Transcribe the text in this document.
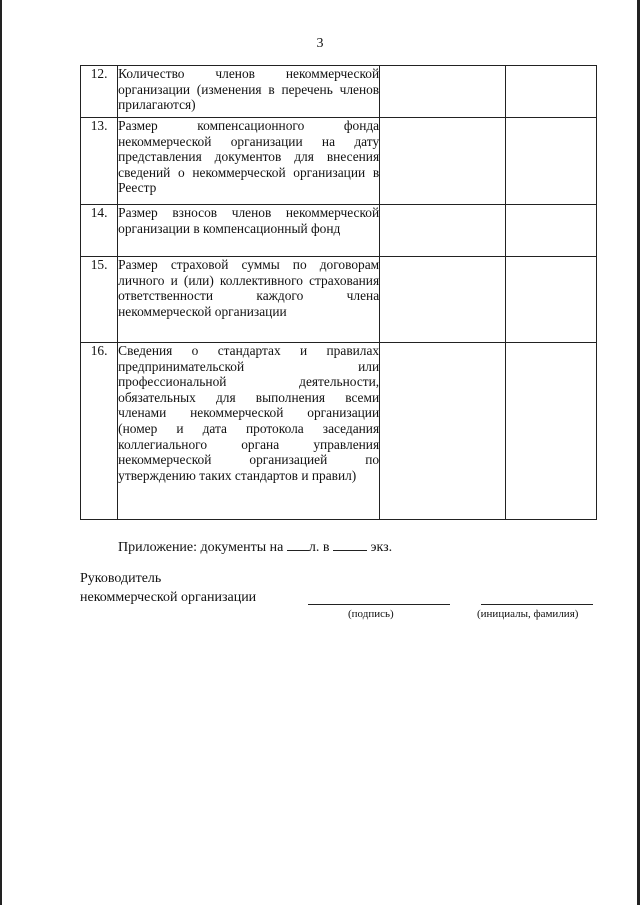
3
12.	Количество членов некоммерческой организации (изменения в перечень членов прилагаются)		
13.	Размер компенсационного фонда некоммерческой организации на дату представления документов для внесения сведений о некоммерческой организации в Реестр		
14.	Размер взносов членов некоммерческой организации в компенсационный фонд		
15.	Размер страховой суммы по договорам личного и (или) коллективного страхования ответственности каждого члена некоммерческой организации		
16.	Сведения о стандартах и правилах предпринимательской или профессиональной деятельности, обязательных для выполнения всеми членами некоммерческой организации (номер и дата протокола заседания коллегиального органа управления некоммерческой организацией по утверждению таких стандартов и правил)		
Приложение: документы на л. в	экз.
Руководитель
некоммерческой организации
(подпись)	(инициалы, фамилия)
